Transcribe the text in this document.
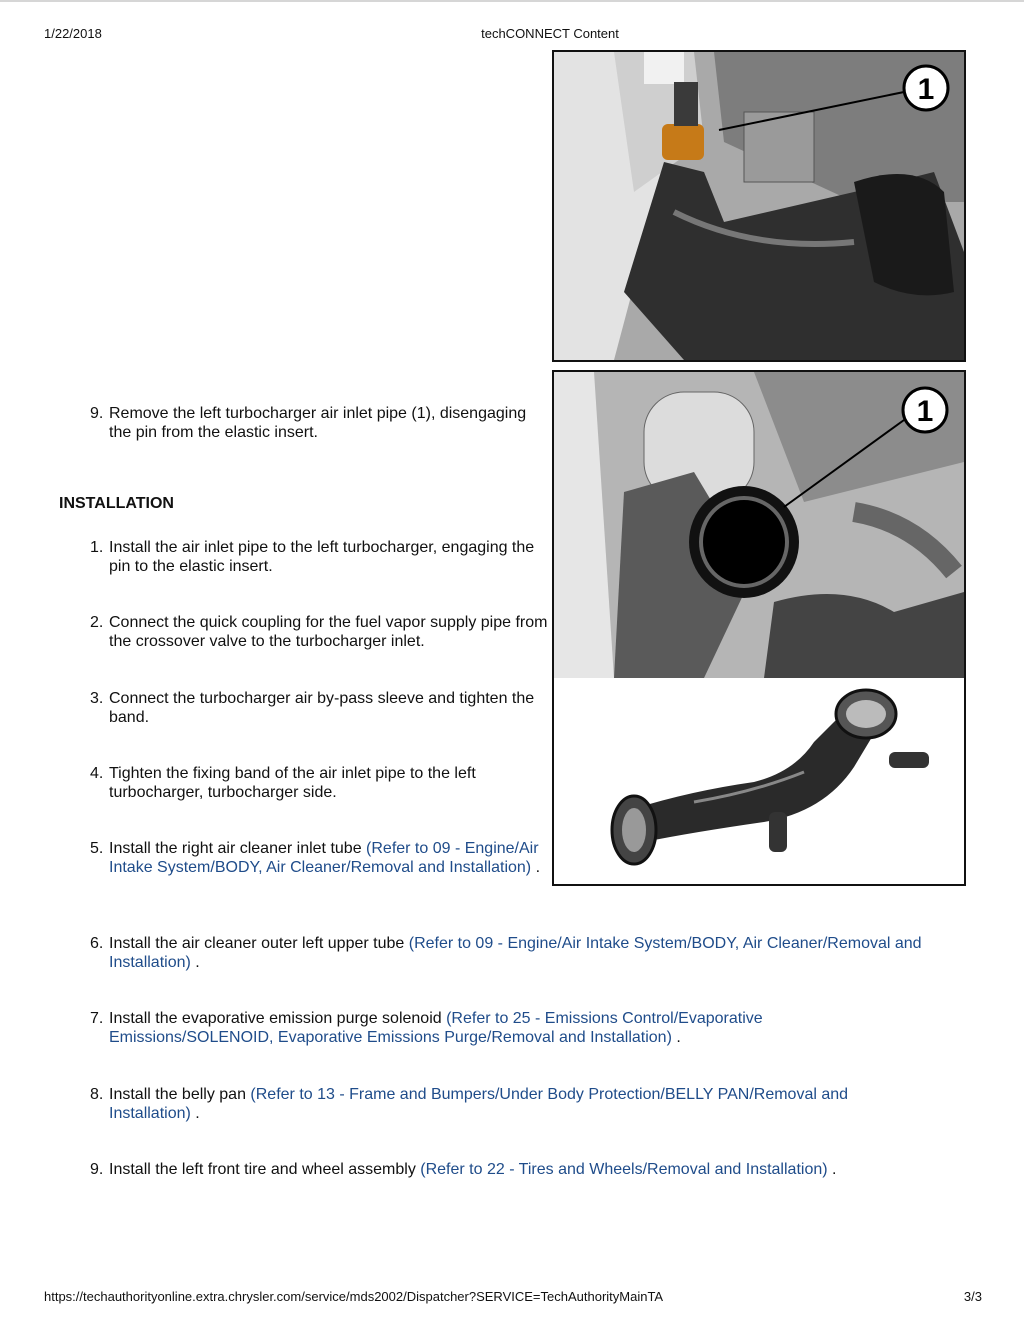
1/22/2018	techCONNECT Content
1
1
9. Remove the left turbocharger air inlet pipe (1), disengaging the pin from the elastic insert.
INSTALLATION
1. Install the air inlet pipe to the left turbocharger, engaging the pin to the elastic insert.
2. Connect the quick coupling for the fuel vapor supply pipe from the crossover valve to the turbocharger inlet.
3. Connect the turbocharger air by-pass sleeve and tighten the band.
4. Tighten the fixing band of the air inlet pipe to the left turbocharger, turbocharger side.
5. Install the right air cleaner inlet tube (Refer to 09 - Engine/Air Intake System/BODY, Air Cleaner/Removal and Installation) .
6. Install the air cleaner outer left upper tube (Refer to 09 - Engine/Air Intake System/BODY, Air Cleaner/Removal and Installation) .
7. Install the evaporative emission purge solenoid (Refer to 25 - Emissions Control/Evaporative Emissions/SOLENOID, Evaporative Emissions Purge/Removal and Installation) .
8. Install the belly pan (Refer to 13 - Frame and Bumpers/Under Body Protection/BELLY PAN/Removal and Installation) .
9. Install the left front tire and wheel assembly (Refer to 22 - Tires and Wheels/Removal and Installation) .
https://techauthorityonline.extra.chrysler.com/service/mds2002/Dispatcher?SERVICE=TechAuthorityMainTA	3/3
